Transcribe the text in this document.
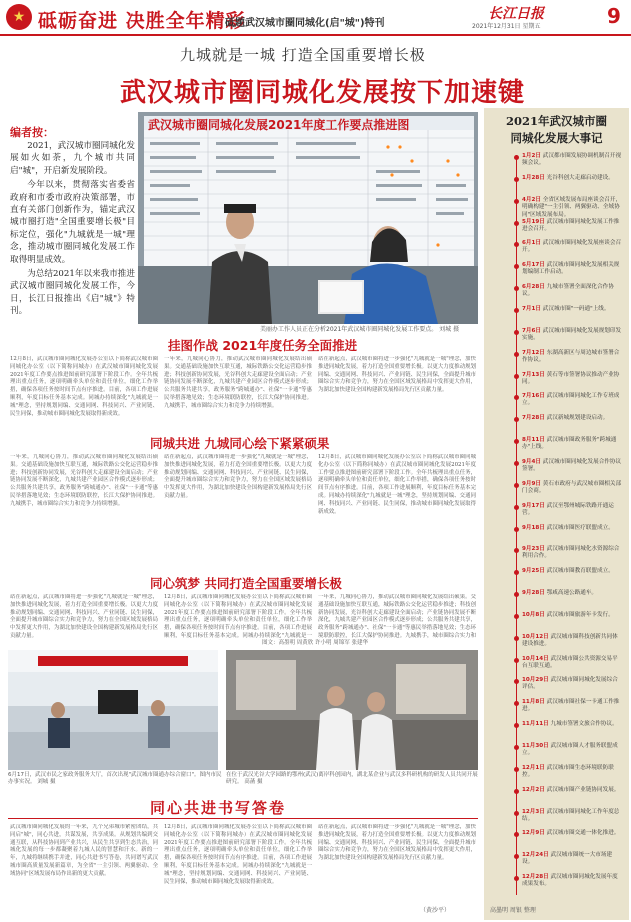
★ 砥砺奋进 决胜全年精彩
砥题武汉城市圈同城化(启"城")特刊
长江日报
2021年12月31日 星期五	9
九城就是一城 打造全国重要增长极
武汉城市圈同城化发展按下加速键
编者按：

2021，武汉城市圈同城化发展如火如荼，九个城市共同启"城"，开启新发展阶段。

今年以来，贯彻落实省委省政府和市委市政府决策部署，市直有关部门创新作为，锚定武汉城市圈打造"全国重要增长极"目标定位，强化"九城就是一城"理念，推动城市圈同城化发展工作取得明显成效。

为总结2021年以来我市推进武汉城市圈同城化发展工作，今日，长江日报推出《启"城"》特刊。

武汉城市圈同城化发展2021年度工作要点推进图
美丽办工作人员正在分析2021年武汉城市圈同城化发展工作要点。 刘城 摄
2021年武汉城市圈
同城化发展大事记
1月2日 武汉都市圈发展协调机制召开视频会议。
1月28日 光谷科创大走廊启动建设。
4月2日 全省区域发展布局座谈会召开，明确构建"一主引领、两翼驱动、全域协同"区域发展布局。
5月19日 武汉城市圈同城化发展工作推进会召开。
6月1日 武汉城市圈同城化发展座谈会召开。
6月17日 武汉城市圈同城化发展相关规划编制工作启动。
6月28日 九城市签署全面深化合作协议。
7月1日 武汉城市圈"一码通"上线。
7月6日 武汉城市圈同城化发展规划印发实施。
7月12日 东湖高新区与周边城市签署合作协议。
7月13日 黄石等市签署协议推动产业协同。
7月16日 武汉城市圈同城化工作专班成立。
7月28日 武汉新城规划建设启动。
8月11日 武汉城市圈政务服务"跨城通办"上线。
9月4日 武汉城市圈同城化发展合作协议签署。
9月9日 黄石市政府与武汉城市圈相关部门会商。
9月17日 武汉至鄂州城际铁路开通运营。
9月18日 武汉城市圈医疗联盟成立。
9月23日 武汉城市圈同城化水资源综合利用合作。
9月25日 武汉城市圈教育联盟成立。
9月28日 鄂咸高速公路通车。
10月8日 武汉城市圈旅游年卡发行。
10月12日 武汉城市圈科技创新共同体建设推进。
10月14日 武汉城市圈公共资源交易平台互联互通。
10月29日 武汉城市圈同城化发展综合评估。
11月8日 武汉城市圈社保一卡通工作推进。
11月11日 九城市签署文旅合作协议。
11月30日 武汉城市圈人才服务联盟成立。
12月1日 武汉城市圈生态环境联防联控。
12月2日 武汉城市圈产业链协同发展。
12月3日 武汉城市圈同城化工作年度总结。
12月9日 武汉城市圈交通一体化推进。
12月24日 武汉城市圈统一大市场建设。
12月28日 武汉城市圈同城化发展年度成果发布。
高墨明 周银 整理
挂图作战 2021年度任务全面推进
12月8日，武汉城市圈同城化发展办公室以下简称武汉城市圈同城化办公室（以下简称同城办）在武汉城市圈同城化发展2021年度工作要点推进图前研究部署下阶段工作。全年共梳理出重点任务，逐项明确牵头单位和责任单位，细化工作举措，确保各项任务按时间节点有序推进。目前，各项工作进展顺利，年度目标任务基本完成。同城办持续深化"九城就是一城"理念，坚持规划同编、交通同网、科技同兴、产业同链、民生同保，推动城市圈同城化发展取得新成效。
一年来，九城同心协力，推动武汉城市圈同城化发展结出硕果。交通基础设施加快互联互通，城际铁路公交化运营稳步推进；科技创新协同发展，光谷科创大走廊建设全面启动；产业链协同发展不断深化，九城共建产业园区合作模式逐步形成；公共服务共建共享，政务服务"跨城通办"、社保"一卡通"等惠民举措落地见效；生态环境联防联控，长江大保护协同推进。九城携手，城市圈综合实力和竞争力持续增强。
站在新起点，武汉城市圈将进一步强化"九城就是一城"理念，加快推进同城化发展，着力打造全国重要增长极。以更大力度推动规划同编、交通同网、科技同兴、产业同链、民生同保，全面提升城市圈综合实力和竞争力，努力在全国区域发展格局中发挥更大作用，为湖北加快建设全国构建新发展格局先行区贡献力量。
同城共进 九城同心绘下紧紧硕果
一年来，九城同心协力，推动武汉城市圈同城化发展结出硕果。交通基础设施加快互联互通，城际铁路公交化运营稳步推进；科技创新协同发展，光谷科创大走廊建设全面启动；产业链协同发展不断深化，九城共建产业园区合作模式逐步形成；公共服务共建共享，政务服务"跨城通办"、社保"一卡通"等惠民举措落地见效；生态环境联防联控，长江大保护协同推进。九城携手，城市圈综合实力和竞争力持续增强。
站在新起点，武汉城市圈将进一步强化"九城就是一城"理念，加快推进同城化发展，着力打造全国重要增长极。以更大力度推动规划同编、交通同网、科技同兴、产业同链、民生同保，全面提升城市圈综合实力和竞争力，努力在全国区域发展格局中发挥更大作用，为湖北加快建设全国构建新发展格局先行区贡献力量。
12月8日，武汉城市圈同城化发展办公室以下简称武汉城市圈同城化办公室（以下简称同城办）在武汉城市圈同城化发展2021年度工作要点推进图前研究部署下阶段工作。全年共梳理出重点任务，逐项明确牵头单位和责任单位，细化工作举措，确保各项任务按时间节点有序推进。目前，各项工作进展顺利，年度目标任务基本完成。同城办持续深化"九城就是一城"理念，坚持规划同编、交通同网、科技同兴、产业同链、民生同保，推动城市圈同城化发展取得新成效。
同心筑梦 共同打造全国重要增长极
站在新起点，武汉城市圈将进一步强化"九城就是一城"理念，加快推进同城化发展，着力打造全国重要增长极。以更大力度推动规划同编、交通同网、科技同兴、产业同链、民生同保，全面提升城市圈综合实力和竞争力，努力在全国区域发展格局中发挥更大作用，为湖北加快建设全国构建新发展格局先行区贡献力量。
12月8日，武汉城市圈同城化发展办公室以下简称武汉城市圈同城化办公室（以下简称同城办）在武汉城市圈同城化发展2021年度工作要点推进图前研究部署下阶段工作。全年共梳理出重点任务，逐项明确牵头单位和责任单位，细化工作举措，确保各项任务按时间节点有序推进。目前，各项工作进展顺利，年度目标任务基本完成。同城办持续深化"九城就是一
一年来，九城同心协力，推动武汉城市圈同城化发展结出硕果。交通基础设施加快互联互通，城际铁路公交化运营稳步推进；科技创新协同发展，光谷科创大走廊建设全面启动；产业链协同发展不断深化，九城共建产业园区合作模式逐步形成；公共服务共建共享，政务服务"跨城通办"、社保"一卡通"等惠民举措落地见效；生态环境联防联控，长江大保护协同推进。九城携手，城市圈综合实力和
图文：高墨明 周黄欣 许小明 周锦军 张建华
6月17日，武汉市民之家政务服务大厅，首次出现"武汉城市圈通办综合窗口"。图内市民办事实况。 刘城 摄
在位于武汉光谷大学园路的鄂州(武汉)离岸科创园内，湖北某企业与武汉多科研机构的研发人员共同开展研究。 高菡 摄
同心共进书写答卷
武汉城市圈同城化发展的一年来，九个兄弟城市紧密团结，共同启"城"，同心共进，共谋发展，共享成果。从规划共编到交通互联，从科技协同到产业共兴，从民生共享到生态共治，同城化发展的每一步都凝聚着九城人民的智慧和汗水。新的一年，九城将继续携手并进，同心共进书写答卷，共同谱写武汉城市圈高质量发展新篇章，为全省"一主引领、两翼驱动、全域协同"区域发展布局作出新的更大贡献。
12月8日，武汉城市圈同城化发展办公室以下简称武汉城市圈同城化办公室（以下简称同城办）在武汉城市圈同城化发展2021年度工作要点推进图前研究部署下阶段工作。全年共梳理出重点任务，逐项明确牵头单位和责任单位，细化工作举措，确保各项任务按时间节点有序推进。目前，各项工作进展顺利，年度目标任务基本完成。同城办持续深化"九城就是一城"理念，坚持规划同编、交通同网、科技同兴、产业同链、民生同保，推动城市圈同城化发展取得新成效。
站在新起点，武汉城市圈将进一步强化"九城就是一城"理念，加快推进同城化发展，着力打造全国重要增长极。以更大力度推动规划同编、交通同网、科技同兴、产业同链、民生同保，全面提升城市圈综合实力和竞争力，努力在全国区域发展格局中发挥更大作用，为湖北加快建设全国构建新发展格局先行区贡献力量。
（黄沙平）
